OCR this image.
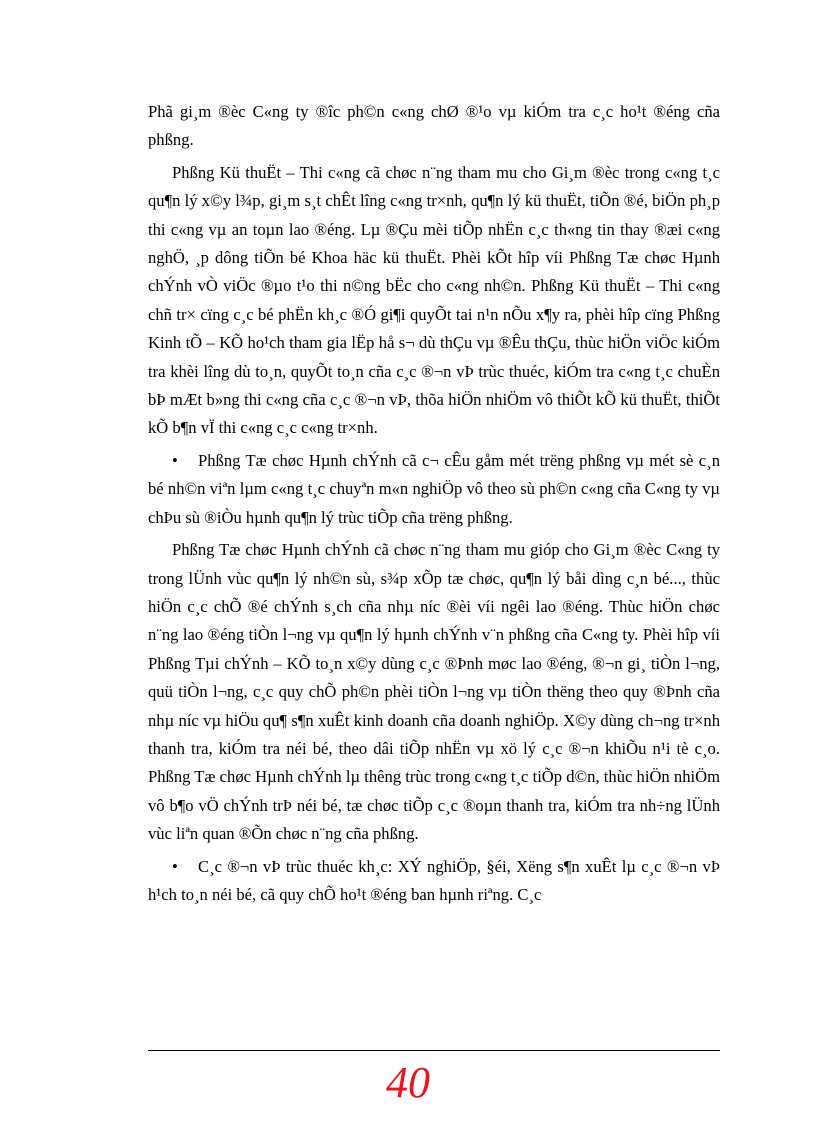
Phã gi¸m ®èc C«ng ty ®îc ph©n c«ng chØ ®¹o vµ kiÓm tra c¸c ho¹t ®éng cña phßng.

Phßng Kü thuËt – Thi c«ng cã chøc n¨ng tham mu cho Gi¸m ®èc trong c«ng t¸c qu¶n lý x©y l¾p, gi¸m s¸t chÊt lîng c«ng tr×nh, qu¶n lý kü thuËt, tiÕn ®é, biÖn ph¸p thi c«ng vµ an toµn lao ®éng. Lµ ®Çu mèi tiÕp nhËn c¸c th«ng tin thay ®æi c«ng nghÖ, ¸p dông tiÕn bé Khoa häc kü thuËt. Phèi kÕt hîp víi Phßng Tæ chøc Hµnh chÝnh vÒ viÖc ®µo t¹o thi n©ng bËc cho c«ng nh©n. Phßng Kü thuËt – Thi c«ng chñ tr× cïng c¸c bé phËn kh¸c ®Ó gi¶i quyÕt tai n¹n nÕu x¶y ra, phèi hîp cïng Phßng Kinh tÕ – KÕ ho¹ch tham gia lËp hå s¬ dù thÇu vµ ®Êu thÇu, thùc hiÖn viÖc kiÓm tra khèi lîng dù to¸n, quyÕt to¸n cña c¸c ®¬n vÞ trùc thuéc, kiÓm tra c«ng t¸c chuÈn bÞ mÆt b»ng thi c«ng cña c¸c ®¬n vÞ, thõa hiÖn nhiÖm vô thiÕt kÕ kü thuËt, thiÕt kÕ b¶n vÏ thi c«ng c¸c c«ng tr×nh.

• Phßng Tæ chøc Hµnh chÝnh cã c¬ cÊu gåm mét trëng phßng vµ mét sè c¸n bé nh©n viªn lµm c«ng t¸c chuyªn m«n nghiÖp vô theo sù ph©n c«ng cña C«ng ty vµ chÞu sù ®iÒu hµnh qu¶n lý trùc tiÕp cña trëng phßng.

Phßng Tæ chøc Hµnh chÝnh cã chøc n¨ng tham mu gióp cho Gi¸m ®èc C«ng ty trong lÜnh vùc qu¶n lý nh©n sù, s¾p xÕp tæ chøc, qu¶n lý båi dìng c¸n bé..., thùc hiÖn c¸c chÕ ®é chÝnh s¸ch cña nhµ níc ®èi víi ngêi lao ®éng. Thùc hiÖn chøc n¨ng lao ®éng tiÒn l¬ng vµ qu¶n lý hµnh chÝnh v¨n phßng cña C«ng ty. Phèi hîp víi Phßng Tµi chÝnh – KÕ to¸n x©y dùng c¸c ®Þnh møc lao ®éng, ®¬n gi¸ tiÒn l¬ng, quü tiÒn l¬ng, c¸c quy chÕ ph©n phèi tiÒn l¬ng vµ tiÒn thëng theo quy ®Þnh cña nhµ níc vµ hiÖu qu¶ s¶n xuÊt kinh doanh cña doanh nghiÖp. X©y dùng ch¬ng tr×nh thanh tra, kiÓm tra néi bé, theo dâi tiÕp nhËn vµ xö lý c¸c ®¬n khiÕu n¹i tè c¸o. Phßng Tæ chøc Hµnh chÝnh lµ thêng trùc trong c«ng t¸c tiÕp d©n, thùc hiÖn nhiÖm vô b¶o vÖ chÝnh trÞ néi bé, tæ chøc tiÕp c¸c ®oµn thanh tra, kiÓm tra nh÷ng lÜnh vùc liªn quan ®Õn chøc n¨ng cña phßng.

• C¸c ®¬n vÞ trùc thuéc kh¸c: XÝ nghiÖp, §éi, Xëng s¶n xuÊt lµ c¸c ®¬n vÞ h¹ch to¸n néi bé, cã quy chÕ ho¹t ®éng ban hµnh riªng. C¸c

40
